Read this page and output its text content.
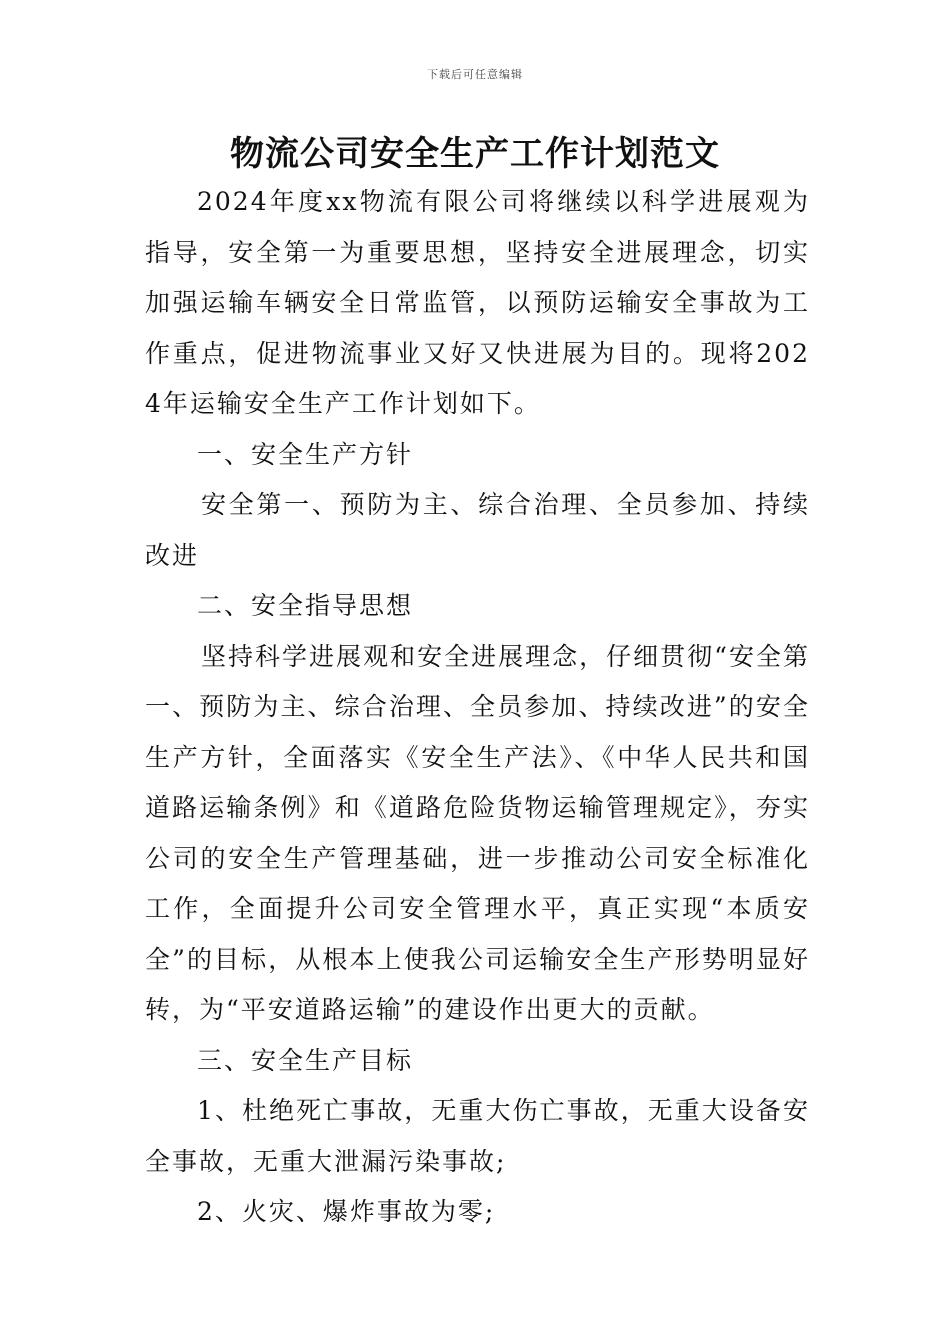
下载后可任意编辑
物流公司安全生产工作计划范文

2024年度xx物流有限公司将继续以科学进展观为指导，安全第一为重要思想，坚持安全进展理念，切实加强运输车辆安全日常监管，以预防运输安全事故为工作重点，促进物流事业又好又快进展为目的。现将2024年运输安全生产工作计划如下。

一、安全生产方针

安全第一、预防为主、综合治理、全员参加、持续改进

二、安全指导思想

坚持科学进展观和安全进展理念，仔细贯彻“安全第一、预防为主、综合治理、全员参加、持续改进”的安全生产方针，全面落实《安全生产法》、《中华人民共和国道路运输条例》和《道路危险货物运输管理规定》，夯实公司的安全生产管理基础，进一步推动公司安全标准化工作，全面提升公司安全管理水平，真正实现“本质安全”的目标，从根本上使我公司运输安全生产形势明显好转，为“平安道路运输”的建设作出更大的贡献。

三、安全生产目标

1、杜绝死亡事故，无重大伤亡事故，无重大设备安全事故，无重大泄漏污染事故;

2、火灾、爆炸事故为零;
